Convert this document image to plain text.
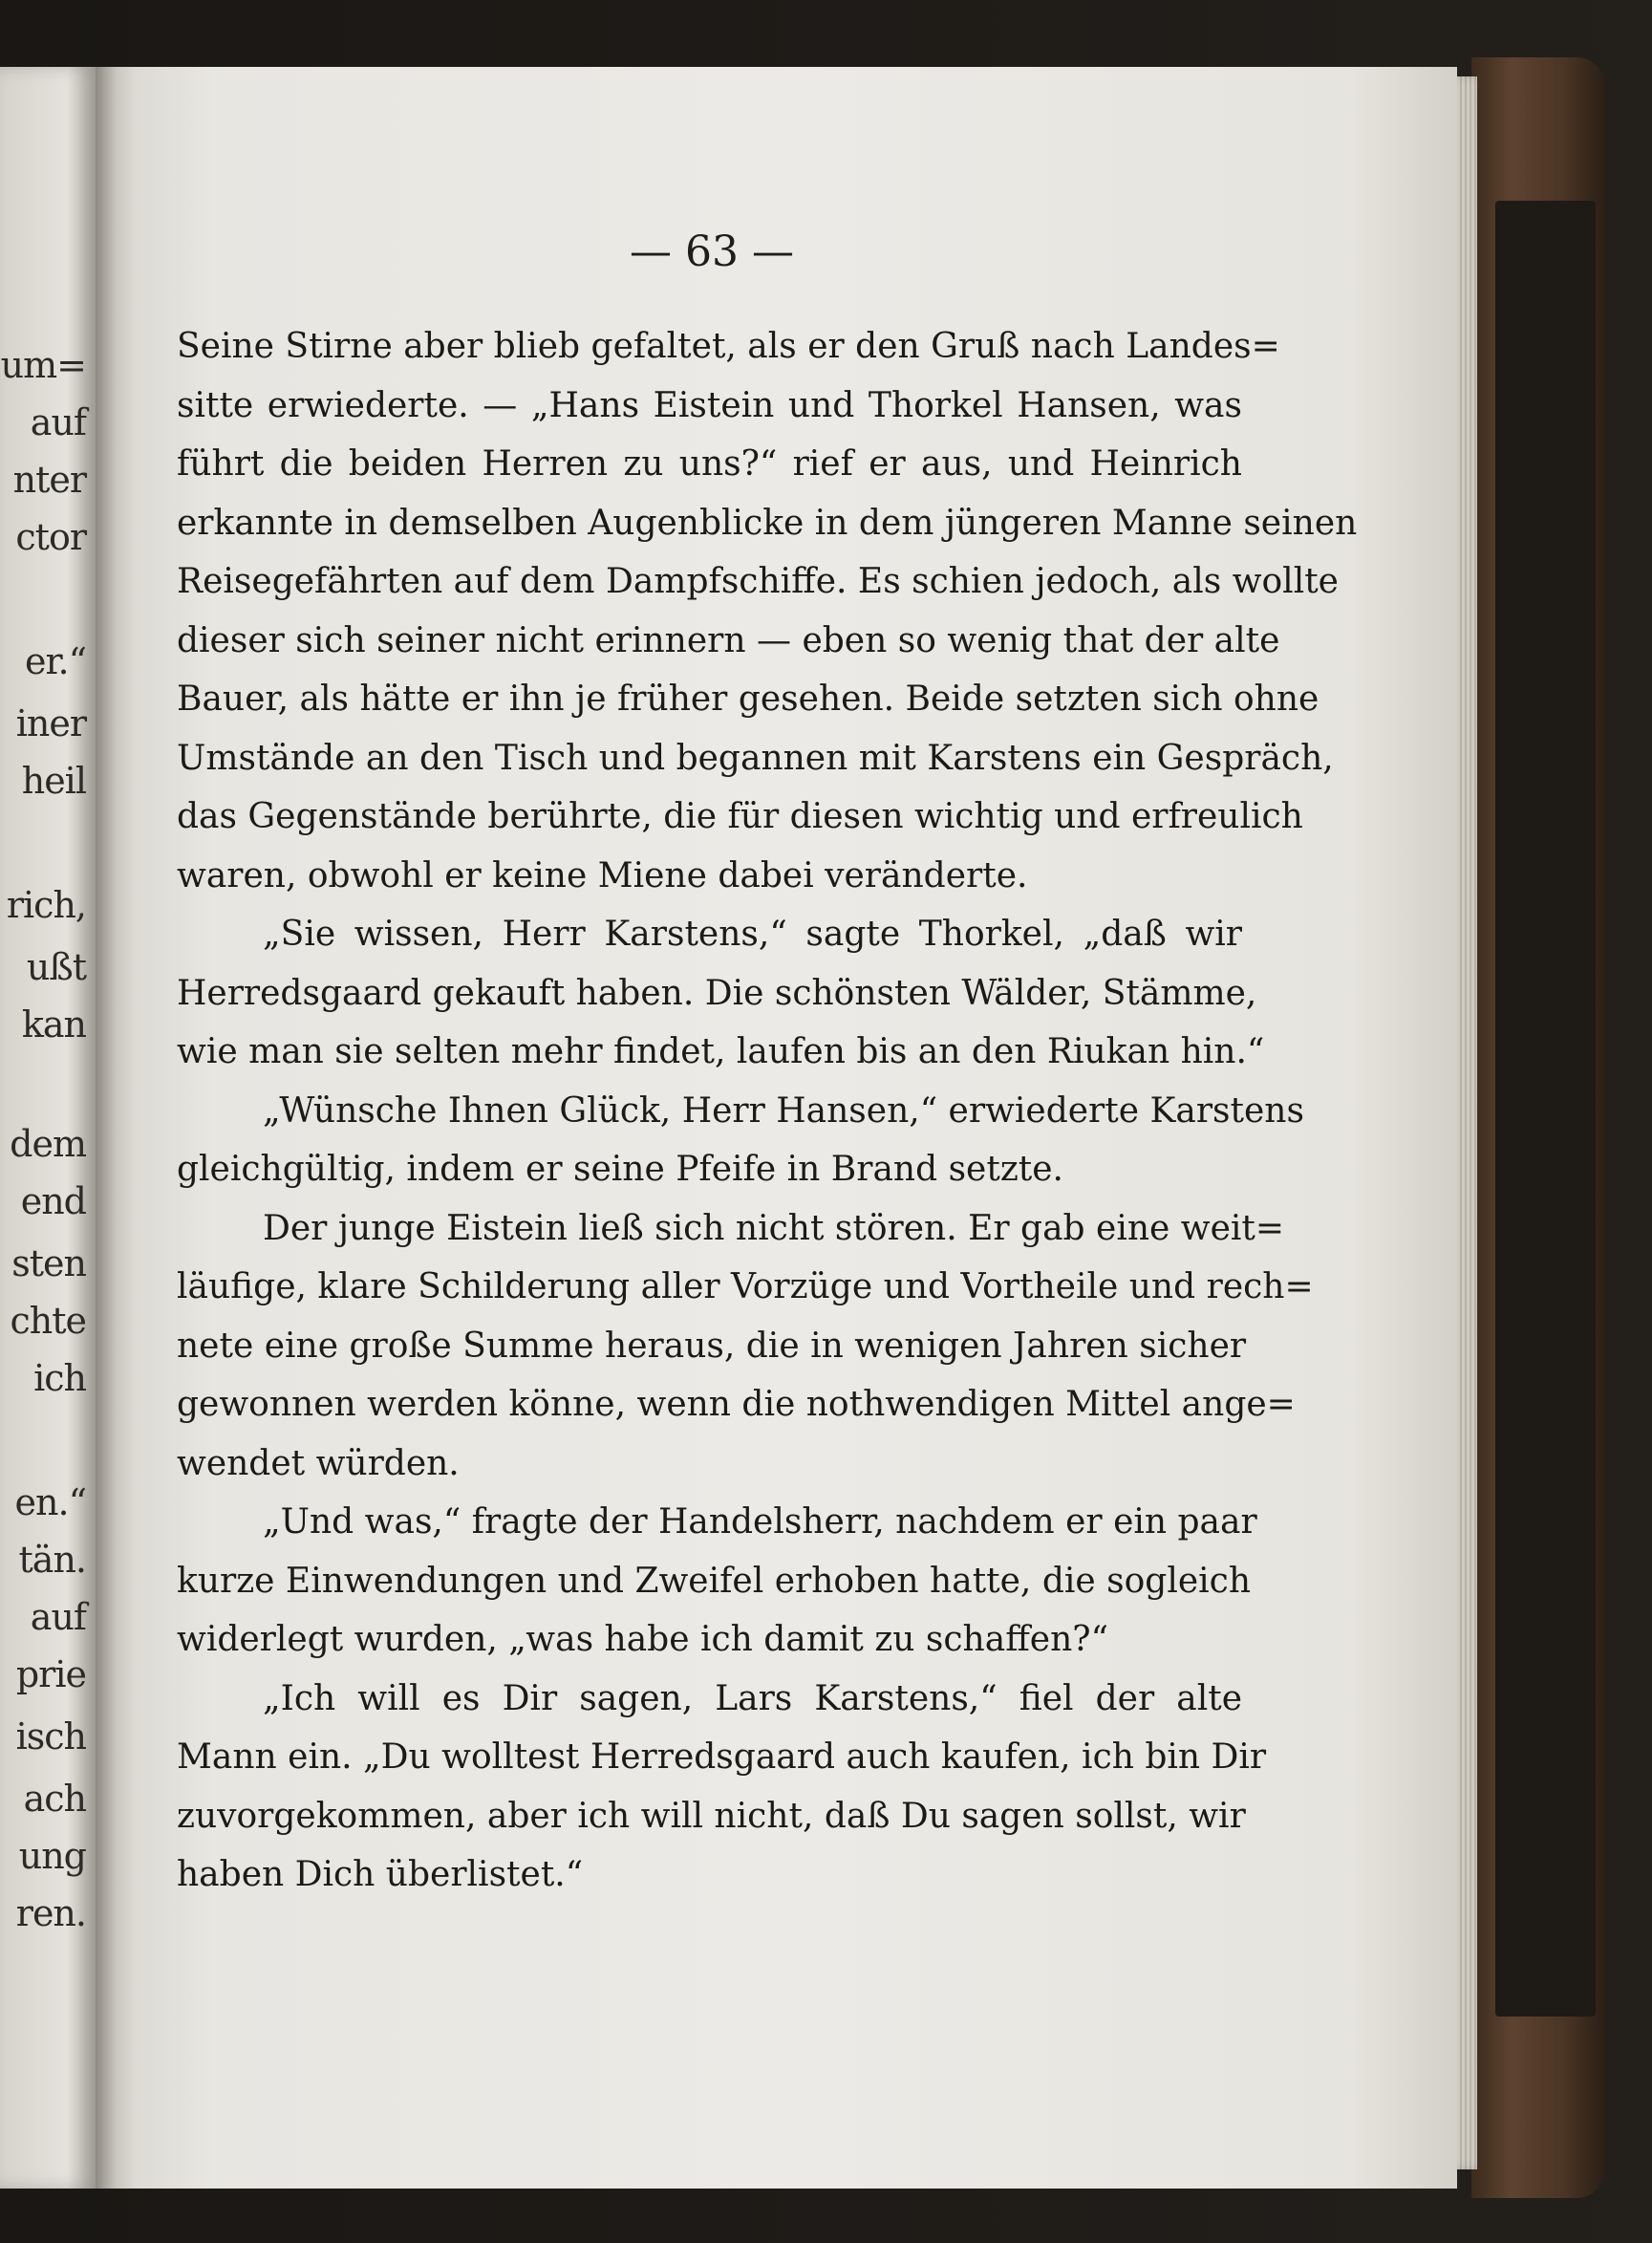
um=
auf
nter
ctor
er.“
iner
heil
rich,
ußt
kan
dem
end
sten
chte
ich
en.“
tän.
auf
prie
isch
ach
ung
ren.
— 63 —
Seine Stirne aber blieb gefaltet, als er den Gruß nach Landes=
sitte erwiederte. — „Hans Eistein und Thorkel Hansen, was
führt die beiden Herren zu uns?“ rief er aus, und Heinrich
erkannte in demselben Augenblicke in dem jüngeren Manne seinen
Reisegefährten auf dem Dampfschiffe. Es schien jedoch, als wollte
dieser sich seiner nicht erinnern — eben so wenig that der alte
Bauer, als hätte er ihn je früher gesehen. Beide setzten sich ohne
Umstände an den Tisch und begannen mit Karstens ein Gespräch,
das Gegenstände berührte, die für diesen wichtig und erfreulich
waren, obwohl er keine Miene dabei veränderte.
„Sie wissen, Herr Karstens,“ sagte Thorkel, „daß wir
Herredsgaard gekauft haben. Die schönsten Wälder, Stämme,
wie man sie selten mehr findet, laufen bis an den Riukan hin.“
„Wünsche Ihnen Glück, Herr Hansen,“ erwiederte Karstens
gleichgültig, indem er seine Pfeife in Brand setzte.
Der junge Eistein ließ sich nicht stören. Er gab eine weit=
läufige, klare Schilderung aller Vorzüge und Vortheile und rech=
nete eine große Summe heraus, die in wenigen Jahren sicher
gewonnen werden könne, wenn die nothwendigen Mittel ange=
wendet würden.
„Und was,“ fragte der Handelsherr, nachdem er ein paar
kurze Einwendungen und Zweifel erhoben hatte, die sogleich
widerlegt wurden, „was habe ich damit zu schaffen?“
„Ich will es Dir sagen, Lars Karstens,“ fiel der alte
Mann ein. „Du wolltest Herredsgaard auch kaufen, ich bin Dir
zuvorgekommen, aber ich will nicht, daß Du sagen sollst, wir
haben Dich überlistet.“
